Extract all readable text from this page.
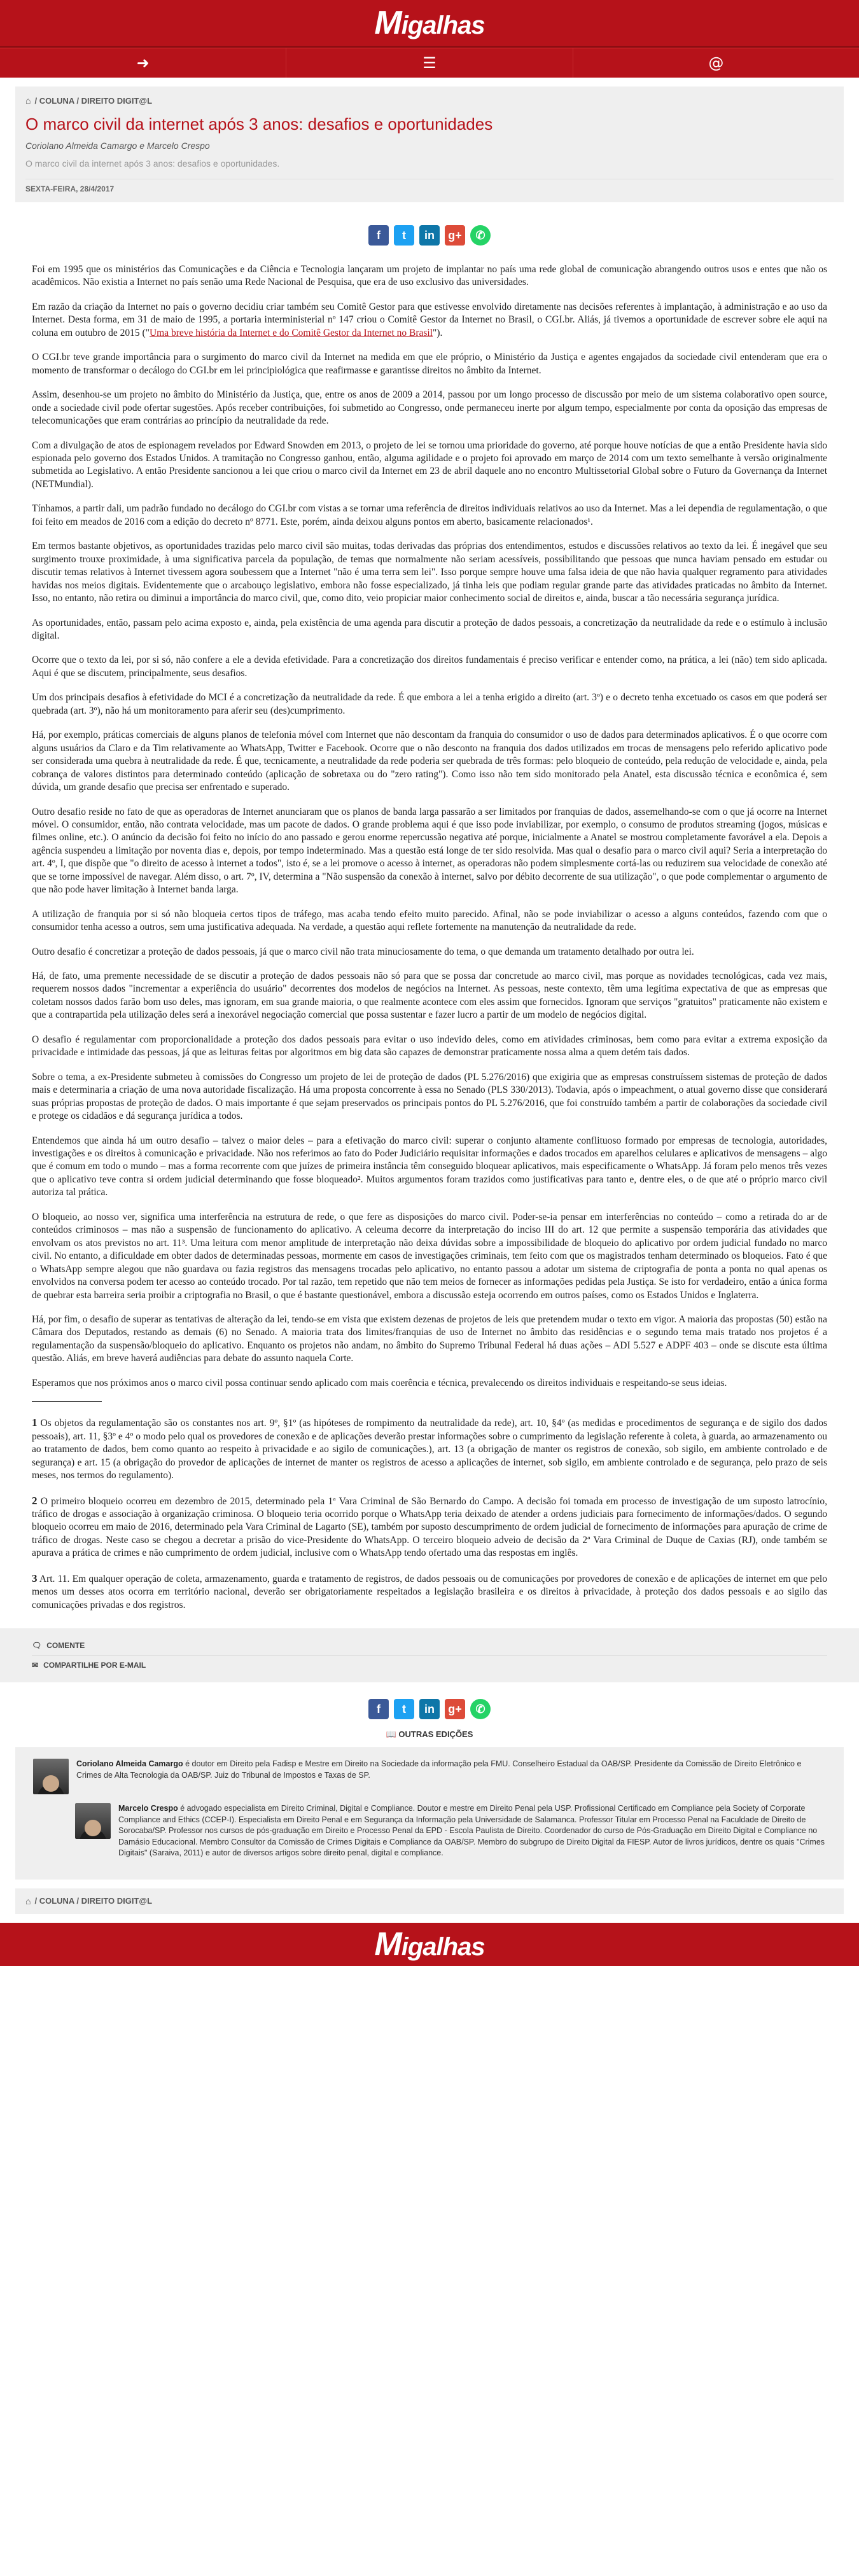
Migalhas
➜	☰	@
⌂ / COLUNA / DIREITO DIGIT@L
O marco civil da internet após 3 anos: desafios e oportunidades
Coriolano Almeida Camargo e Marcelo Crespo
O marco civil da internet após 3 anos: desafios e oportunidades.
SEXTA-FEIRA, 28/4/2017
f	t	in	g+	✆

Foi em 1995 que os ministérios das Comunicações e da Ciência e Tecnologia lançaram um projeto de implantar no país uma rede global de comunicação abrangendo outros usos e entes que não os acadêmicos. Não existia a Internet no país senão uma Rede Nacional de Pesquisa, que era de uso exclusivo das universidades.

Em razão da criação da Internet no país o governo decidiu criar também seu Comitê Gestor para que estivesse envolvido diretamente nas decisões referentes à implantação, à administração e ao uso da Internet. Desta forma, em 31 de maio de 1995, a portaria interministerial nº 147 criou o Comitê Gestor da Internet no Brasil, o CGI.br. Aliás, já tivemos a oportunidade de escrever sobre ele aqui na coluna em outubro de 2015 ("Uma breve história da Internet e do Comitê Gestor da Internet no Brasil").

O CGI.br teve grande importância para o surgimento do marco civil da Internet na medida em que ele próprio, o Ministério da Justiça e agentes engajados da sociedade civil entenderam que era o momento de transformar o decálogo do CGI.br em lei principiológica que reafirmasse e garantisse direitos no âmbito da Internet.

Assim, desenhou-se um projeto no âmbito do Ministério da Justiça, que, entre os anos de 2009 a 2014, passou por um longo processo de discussão por meio de um sistema colaborativo open source, onde a sociedade civil pode ofertar sugestões. Após receber contribuições, foi submetido ao Congresso, onde permaneceu inerte por algum tempo, especialmente por conta da oposição das empresas de telecomunicações que eram contrárias ao princípio da neutralidade da rede.

Com a divulgação de atos de espionagem revelados por Edward Snowden em 2013, o projeto de lei se tornou uma prioridade do governo, até porque houve notícias de que a então Presidente havia sido espionada pelo governo dos Estados Unidos. A tramitação no Congresso ganhou, então, alguma agilidade e o projeto foi aprovado em março de 2014 com um texto semelhante à versão originalmente submetida ao Legislativo. A então Presidente sancionou a lei que criou o marco civil da Internet em 23 de abril daquele ano no encontro Multissetorial Global sobre o Futuro da Governança da Internet (NETMundial).

Tínhamos, a partir dali, um padrão fundado no decálogo do CGI.br com vistas a se tornar uma referência de direitos individuais relativos ao uso da Internet. Mas a lei dependia de regulamentação, o que foi feito em meados de 2016 com a edição do decreto nº 8771. Este, porém, ainda deixou alguns pontos em aberto, basicamente relacionados¹.

Em termos bastante objetivos, as oportunidades trazidas pelo marco civil são muitas, todas derivadas das próprias dos entendimentos, estudos e discussões relativos ao texto da lei. É inegável que seu surgimento trouxe proximidade, à uma significativa parcela da população, de temas que normalmente não seriam acessíveis, possibilitando que pessoas que nunca haviam pensado em estudar ou discutir temas relativos à Internet tivessem agora soubessem que a Internet "não é uma terra sem lei". Isso porque sempre houve uma falsa ideia de que não havia qualquer regramento para atividades havidas nos meios digitais. Evidentemente que o arcabouço legislativo, embora não fosse especializado, já tinha leis que podiam regular grande parte das atividades praticadas no âmbito da Internet. Isso, no entanto, não retira ou diminui a importância do marco civil, que, como dito, veio propiciar maior conhecimento social de direitos e, ainda, buscar a tão necessária segurança jurídica.

As oportunidades, então, passam pelo acima exposto e, ainda, pela existência de uma agenda para discutir a proteção de dados pessoais, a concretização da neutralidade da rede e o estímulo à inclusão digital.

Ocorre que o texto da lei, por si só, não confere a ele a devida efetividade. Para a concretização dos direitos fundamentais é preciso verificar e entender como, na prática, a lei (não) tem sido aplicada. Aqui é que se discutem, principalmente, seus desafios.

Um dos principais desafios à efetividade do MCI é a concretização da neutralidade da rede. É que embora a lei a tenha erigido a direito (art. 3º) e o decreto tenha excetuado os casos em que poderá ser quebrada (art. 3º), não há um monitoramento para aferir seu (des)cumprimento.

Há, por exemplo, práticas comerciais de alguns planos de telefonia móvel com Internet que não descontam da franquia do consumidor o uso de dados para determinados aplicativos. É o que ocorre com alguns usuários da Claro e da Tim relativamente ao WhatsApp, Twitter e Facebook. Ocorre que o não desconto na franquia dos dados utilizados em trocas de mensagens pelo referido aplicativo pode ser considerada uma quebra à neutralidade da rede. É que, tecnicamente, a neutralidade da rede poderia ser quebrada de três formas: pelo bloqueio de conteúdo, pela redução de velocidade e, ainda, pela cobrança de valores distintos para determinado conteúdo (aplicação de sobretaxa ou do "zero rating"). Como isso não tem sido monitorado pela Anatel, esta discussão técnica e econômica é, sem dúvida, um grande desafio que precisa ser enfrentado e superado.

Outro desafio reside no fato de que as operadoras de Internet anunciaram que os planos de banda larga passarão a ser limitados por franquias de dados, assemelhando-se com o que já ocorre na Internet móvel. O consumidor, então, não contrata velocidade, mas um pacote de dados. O grande problema aqui é que isso pode inviabilizar, por exemplo, o consumo de produtos streaming (jogos, músicas e filmes online, etc.). O anúncio da decisão foi feito no início do ano passado e gerou enorme repercussão negativa até porque, inicialmente a Anatel se mostrou completamente favorável a ela. Depois a agência suspendeu a limitação por noventa dias e, depois, por tempo indeterminado. Mas a questão está longe de ter sido resolvida. Mas qual o desafio para o marco civil aqui? Seria a interpretação do art. 4º, I, que dispõe que "o direito de acesso à internet a todos", isto é, se a lei promove o acesso à internet, as operadoras não podem simplesmente cortá-las ou reduzirem sua velocidade de conexão até que se torne impossível de navegar. Além disso, o art. 7º, IV, determina a "Não suspensão da conexão à internet, salvo por débito decorrente de sua utilização", o que pode complementar o argumento de que não pode haver limitação à Internet banda larga.

A utilização de franquia por si só não bloqueia certos tipos de tráfego, mas acaba tendo efeito muito parecido. Afinal, não se pode inviabilizar o acesso a alguns conteúdos, fazendo com que o consumidor tenha acesso a outros, sem uma justificativa adequada. Na verdade, a questão aqui reflete fortemente na manutenção da neutralidade da rede.

Outro desafio é concretizar a proteção de dados pessoais, já que o marco civil não trata minuciosamente do tema, o que demanda um tratamento detalhado por outra lei.

Há, de fato, uma premente necessidade de se discutir a proteção de dados pessoais não só para que se possa dar concretude ao marco civil, mas porque as novidades tecnológicas, cada vez mais, requerem nossos dados "incrementar a experiência do usuário" decorrentes dos modelos de negócios na Internet. As pessoas, neste contexto, têm uma legítima expectativa de que as empresas que coletam nossos dados farão bom uso deles, mas ignoram, em sua grande maioria, o que realmente acontece com eles assim que fornecidos. Ignoram que serviços "gratuitos" praticamente não existem e que a contrapartida pela utilização deles será a inexorável negociação comercial que possa sustentar e fazer lucro a partir de um modelo de negócios digital.

O desafio é regulamentar com proporcionalidade a proteção dos dados pessoais para evitar o uso indevido deles, como em atividades criminosas, bem como para evitar a extrema exposição da privacidade e intimidade das pessoas, já que as leituras feitas por algoritmos em big data são capazes de demonstrar praticamente nossa alma a quem detém tais dados.

Sobre o tema, a ex-Presidente submeteu à comissões do Congresso um projeto de lei de proteção de dados (PL 5.276/2016) que exigiria que as empresas construíssem sistemas de proteção de dados mais e determinaria a criação de uma nova autoridade fiscalização. Há uma proposta concorrente à essa no Senado (PLS 330/2013). Todavia, após o impeachment, o atual governo disse que considerará suas próprias propostas de proteção de dados. O mais importante é que sejam preservados os principais pontos do PL 5.276/2016, que foi construído também a partir de colaborações da sociedade civil e protege os cidadãos e dá segurança jurídica a todos.

Entendemos que ainda há um outro desafio – talvez o maior deles – para a efetivação do marco civil: superar o conjunto altamente conflituoso formado por empresas de tecnologia, autoridades, investigações e os direitos à comunicação e privacidade. Não nos referimos ao fato do Poder Judiciário requisitar informações e dados trocados em aparelhos celulares e aplicativos de mensagens – algo que é comum em todo o mundo – mas a forma recorrente com que juízes de primeira instância têm conseguido bloquear aplicativos, mais especificamente o WhatsApp. Já foram pelo menos três vezes que o aplicativo teve contra si ordem judicial determinando que fosse bloqueado². Muitos argumentos foram trazidos como justificativas para tanto e, dentre eles, o de que até o próprio marco civil autoriza tal prática.

O bloqueio, ao nosso ver, significa uma interferência na estrutura de rede, o que fere as disposições do marco civil. Poder-se-ia pensar em interferências no conteúdo – como a retirada do ar de conteúdos criminosos – mas não a suspensão de funcionamento do aplicativo. A celeuma decorre da interpretação do inciso III do art. 12 que permite a suspensão temporária das atividades que envolvam os atos previstos no art. 11³. Uma leitura com menor amplitude de interpretação não deixa dúvidas sobre a impossibilidade de bloqueio do aplicativo por ordem judicial fundado no marco civil. No entanto, a dificuldade em obter dados de determinadas pessoas, mormente em casos de investigações criminais, tem feito com que os magistrados tenham determinado os bloqueios. Fato é que o WhatsApp sempre alegou que não guardava ou fazia registros das mensagens trocadas pelo aplicativo, no entanto passou a adotar um sistema de criptografia de ponta a ponta no qual apenas os envolvidos na conversa podem ter acesso ao conteúdo trocado. Por tal razão, tem repetido que não tem meios de fornecer as informações pedidas pela Justiça. Se isto for verdadeiro, então a única forma de quebrar esta barreira seria proibir a criptografia no Brasil, o que é bastante questionável, embora a discussão esteja ocorrendo em outros países, como os Estados Unidos e Inglaterra.

Há, por fim, o desafio de superar as tentativas de alteração da lei, tendo-se em vista que existem dezenas de projetos de leis que pretendem mudar o texto em vigor. A maioria das propostas (50) estão na Câmara dos Deputados, restando as demais (6) no Senado. A maioria trata dos limites/franquias de uso de Internet no âmbito das residências e o segundo tema mais tratado nos projetos é a regulamentação da suspensão/bloqueio do aplicativo. Enquanto os projetos não andam, no âmbito do Supremo Tribunal Federal há duas ações – ADI 5.527 e ADPF 403 – onde se discute esta última questão. Aliás, em breve haverá audiências para debate do assunto naquela Corte.

Esperamos que nos próximos anos o marco civil possa continuar sendo aplicado com mais coerência e técnica, prevalecendo os direitos individuais e respeitando-se seus ideias.

1 Os objetos da regulamentação são os constantes nos art. 9º, §1º (as hipóteses de rompimento da neutralidade da rede), art. 10, §4º (as medidas e procedimentos de segurança e de sigilo dos dados pessoais), art. 11, §3º e 4º o modo pelo qual os provedores de conexão e de aplicações deverão prestar informações sobre o cumprimento da legislação referente à coleta, à guarda, ao armazenamento ou ao tratamento de dados, bem como quanto ao respeito à privacidade e ao sigilo de comunicações.), art. 13 (a obrigação de manter os registros de conexão, sob sigilo, em ambiente controlado e de segurança) e art. 15 (a obrigação do provedor de aplicações de internet de manter os registros de acesso a aplicações de internet, sob sigilo, em ambiente controlado e de segurança, pelo prazo de seis meses, nos termos do regulamento).

2 O primeiro bloqueio ocorreu em dezembro de 2015, determinado pela 1ª Vara Criminal de São Bernardo do Campo. A decisão foi tomada em processo de investigação de um suposto latrocínio, tráfico de drogas e associação à organização criminosa. O bloqueio teria ocorrido porque o WhatsApp teria deixado de atender a ordens judiciais para fornecimento de informações/dados. O segundo bloqueio ocorreu em maio de 2016, determinado pela Vara Criminal de Lagarto (SE), também por suposto descumprimento de ordem judicial de fornecimento de informações para apuração de crime de tráfico de drogas. Neste caso se chegou a decretar a prisão do vice-Presidente do WhatsApp. O terceiro bloqueio adveio de decisão da 2ª Vara Criminal de Duque de Caxias (RJ), onde também se apurava a prática de crimes e não cumprimento de ordem judicial, inclusive com o WhatsApp tendo ofertado uma das respostas em inglês.

3 Art. 11. Em qualquer operação de coleta, armazenamento, guarda e tratamento de registros, de dados pessoais ou de comunicações por provedores de conexão e de aplicações de internet em que pelo menos um desses atos ocorra em território nacional, deverão ser obrigatoriamente respeitados a legislação brasileira e os direitos à privacidade, à proteção dos dados pessoais e ao sigilo das comunicações privadas e dos registros.

🗨 COMENTE
✉ COMPARTILHE POR E-MAIL
f	t	in	g+	✆
📖 OUTRAS EDIÇÕES
Coriolano Almeida Camargo é doutor em Direito pela Fadisp e Mestre em Direito na Sociedade da informação pela FMU. Conselheiro Estadual da OAB/SP. Presidente da Comissão de Direito Eletrônico e Crimes de Alta Tecnologia da OAB/SP. Juiz do Tribunal de Impostos e Taxas de SP.
Marcelo Crespo é advogado especialista em Direito Criminal, Digital e Compliance. Doutor e mestre em Direito Penal pela USP. Profissional Certificado em Compliance pela Society of Corporate Compliance and Ethics (CCEP-I). Especialista em Direito Penal e em Segurança da Informação pela Universidade de Salamanca. Professor Titular em Processo Penal na Faculdade de Direito de Sorocaba/SP. Professor nos cursos de pós-graduação em Direito e Processo Penal da EPD - Escola Paulista de Direito. Coordenador do curso de Pós-Graduação em Direito Digital e Compliance no Damásio Educacional. Membro Consultor da Comissão de Crimes Digitais e Compliance da OAB/SP. Membro do subgrupo de Direito Digital da FIESP. Autor de livros jurídicos, dentre os quais "Crimes Digitais" (Saraiva, 2011) e autor de diversos artigos sobre direito penal, digital e compliance.
⌂ / COLUNA / DIREITO DIGIT@L
Migalhas
